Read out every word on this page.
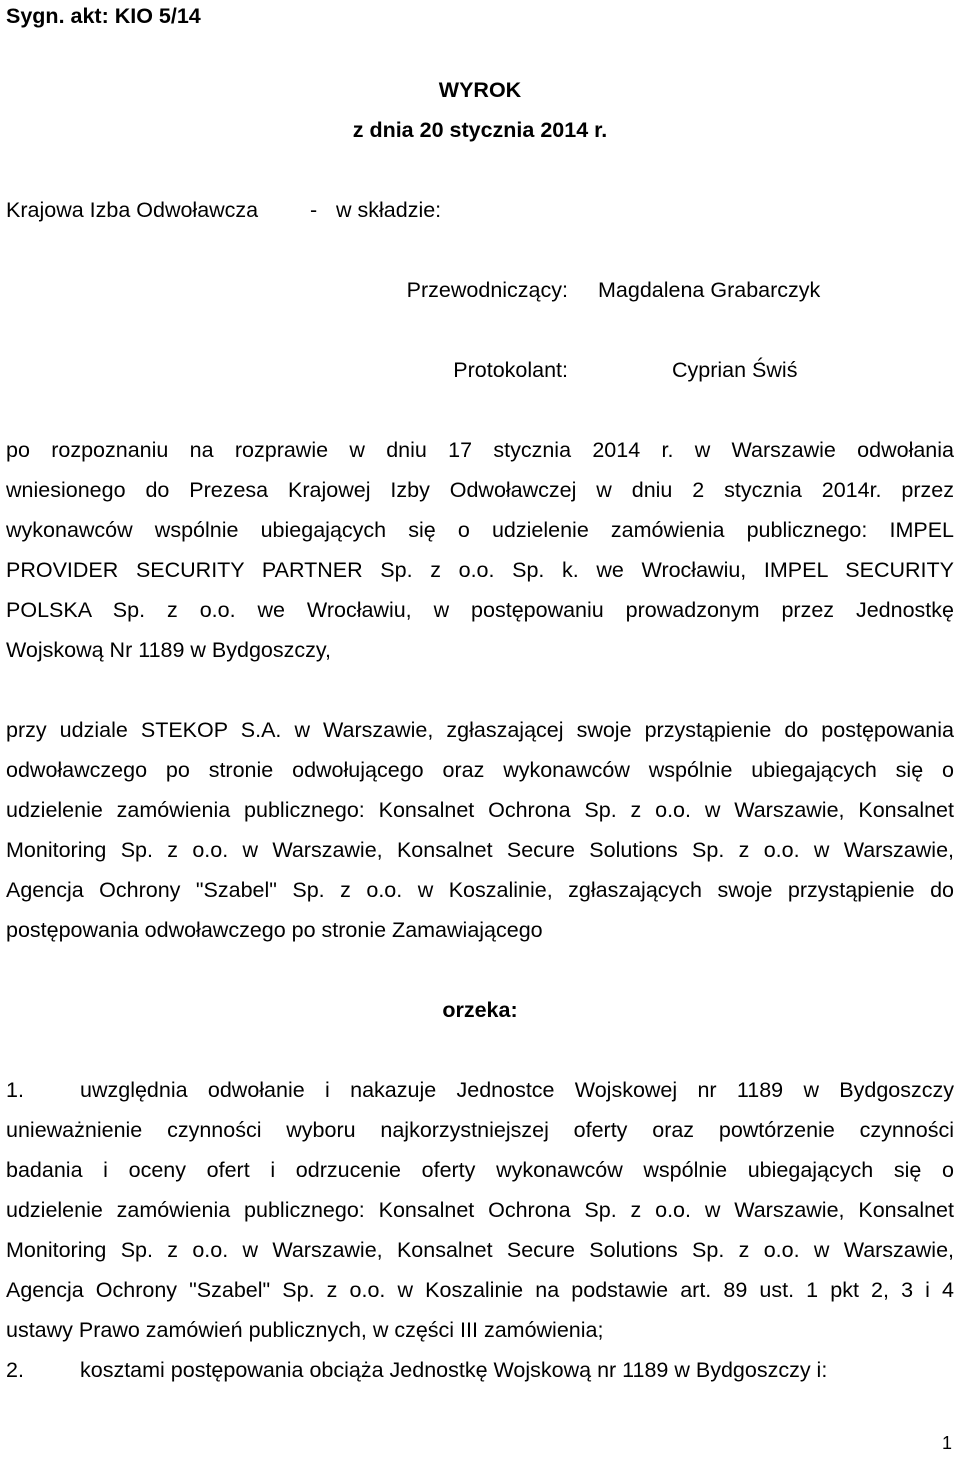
Sygn. akt: KIO 5/14
WYROK
z dnia 20 stycznia 2014 r.
Krajowa Izba Odwoławcza - w składzie:
Przewodniczący: Magdalena Grabarczyk
Protokolant:	Cyprian Świś

po rozpoznaniu na rozprawie w dniu 17 stycznia 2014 r. w Warszawie odwołania

wniesionego do Prezesa Krajowej Izby Odwoławczej w dniu 2 stycznia 2014r. przez

wykonawców wspólnie ubiegających się o udzielenie zamówienia publicznego: IMPEL

PROVIDER SECURITY PARTNER Sp. z o.o. Sp. k. we Wrocławiu, IMPEL SECURITY

POLSKA Sp. z o.o. we Wrocławiu, w postępowaniu prowadzonym przez Jednostkę

Wojskową Nr 1189 w Bydgoszczy,

przy udziale STEKOP S.A. w Warszawie, zgłaszającej swoje przystąpienie do postępowania

odwoławczego po stronie odwołującego oraz wykonawców wspólnie ubiegających się o

udzielenie zamówienia publicznego: Konsalnet Ochrona Sp. z o.o. w Warszawie, Konsalnet

Monitoring Sp. z o.o. w Warszawie, Konsalnet Secure Solutions Sp. z o.o. w Warszawie,

Agencja Ochrony "Szabel" Sp. z o.o. w Koszalinie, zgłaszających swoje przystąpienie do

postępowania odwoławczego po stronie Zamawiającego

orzeka:
1.	uwzględnia odwołanie i nakazuje Jednostce Wojskowej nr 1189 w Bydgoszczy

unieważnienie czynności wyboru najkorzystniejszej oferty oraz powtórzenie czynności

badania i oceny ofert i odrzucenie oferty wykonawców wspólnie ubiegających się o

udzielenie zamówienia publicznego: Konsalnet Ochrona Sp. z o.o. w Warszawie, Konsalnet

Monitoring Sp. z o.o. w Warszawie, Konsalnet Secure Solutions Sp. z o.o. w Warszawie,

Agencja Ochrony "Szabel" Sp. z o.o. w Koszalinie na podstawie art. 89 ust. 1 pkt 2, 3 i 4

ustawy Prawo zamówień publicznych, w części III zamówienia;

2.	kosztami postępowania obciąża Jednostkę Wojskową nr 1189 w Bydgoszczy i:
1
